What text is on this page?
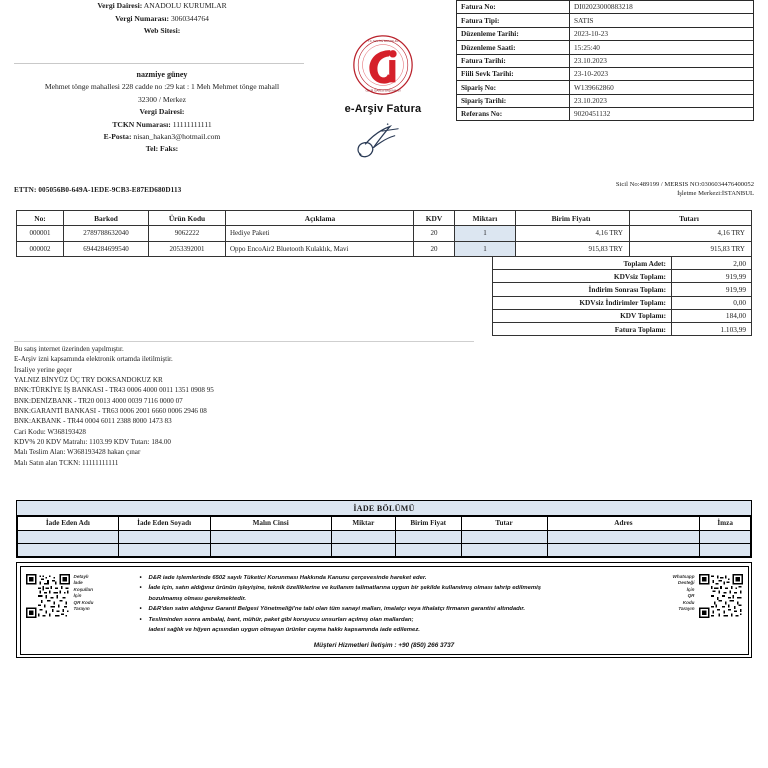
Vergi Dairesi: ANADOLU KURUMLAR
Vergi Numarası: 3060344764
Web Sitesi:
nazmiye güney
Mehmet tönge mahallesi 228 cadde no :29 kat : 1 Meh Mehmet tönge mahall
32300 / Merkez
Vergi Dairesi:
TCKN Numarası: 11111111111
E-Posta: nisan_hakan3@hotmail.com
Tel: Faks:
T.C. MALİYE BAKANLIĞI
GELİR İDARESİ BAŞKANLIĞI
e-Arşiv Fatura
Fatura No:	DI02023000883218
Fatura Tipi:	SATIS
Düzenleme Tarihi:	2023-10-23
Düzenleme Saati:	15:25:40
Fatura Tarihi:	23.10.2023
Fiili Sevk Tarihi:	23-10-2023
Sipariş No:	W139662860
Sipariş Tarihi:	23.10.2023
Referans No:	9020451132
ETTN: 005056B0-649A-1EDE-9CB3-E87ED680D113
Sicil No:489199 / MERSIS NO:0306034476400052
İşletme Merkezi:İSTANBUL
No:	Barkod	Ürün Kodu	Açıklama	KDV	Miktarı	Birim Fiyatı	Tutarı
000001	2789788632040	9062222	Hediye Paketi	20	1	4,16 TRY	4,16 TRY
000002	6944284699540	2053392001	Oppo EncoAir2 Bluetooth Kulaklık, Mavi	20	1	915,83 TRY	915,83 TRY
Toplam Adet:	2,00
KDVsiz Toplam:	919,99
İndirim Sonrası Toplam:	919,99
KDVsiz İndirimler Toplam:	0,00
KDV Toplamı:	184,00
Fatura Toplamı:	1.103,99
Bu satış internet üzerinden yapılmıştır.
E-Arşiv izni kapsamında elektronik ortamda iletilmiştir.
İrsaliye yerine geçer
YALNIZ BİNYÜZ ÜÇ TRY DOKSANDOKUZ KR
BNK:TÜRKİYE İŞ BANKASI - TR43 0006 4000 0011 1351 0908 95
BNK:DENİZBANK - TR20 0013 4000 0039 7116 0000 07
BNK:GARANTİ BANKASI - TR63 0006 2001 6660 0006 2946 08
BNK:AKBANK - TR44 0004 6011 2388 8000 1473 83
Cari Kodu: W368193428
KDV% 20 KDV Matrahı: 1103.99 KDV Tutarı: 184.00
Malı Teslim Alan: W368193428 hakan çınar
Malı Satın alan TCKN: 11111111111
İADE BÖLÜMÜ
İade Eden Adı	İade Eden Soyadı	Malın Cinsi	Miktar	Birim Fiyat	Tutar	Adres	İmza

Detaylı
İade
Koşulları
İçin
QR Kodu
Tarayın
• D&R iade işlemlerinde 6502 sayılı Tüketici Korunması Hakkında Kanunu çerçevesinde hareket eder.
• İade için, satın aldığınız ürünün işleyişine, teknik özelliklerine ve kullanım talimatlarına uygun bir şekilde kullanılmış olması tahrip edilmemiş
bozulmamış olması gerekmektedir.
• D&R'den satın aldığınız Garanti Belgesi Yönetmeliği'ne tabi olan tüm sanayi malları, imalatçı veya ithalatçı firmanın garantisi altındadır.
• Tesliminden sonra ambalaj, bant, mühür, paket gibi koruyucu unsurları açılmış olan mallardan;
iadesi sağlık ve hijyen açısından uygun olmayan ürünler cayma hakkı kapsamında iade edilemez.
Whatsapp
Desteği
İçin
QR
Kodu
Tarayın
Müşteri Hizmetleri İletişim : +90 (850) 266 3737
